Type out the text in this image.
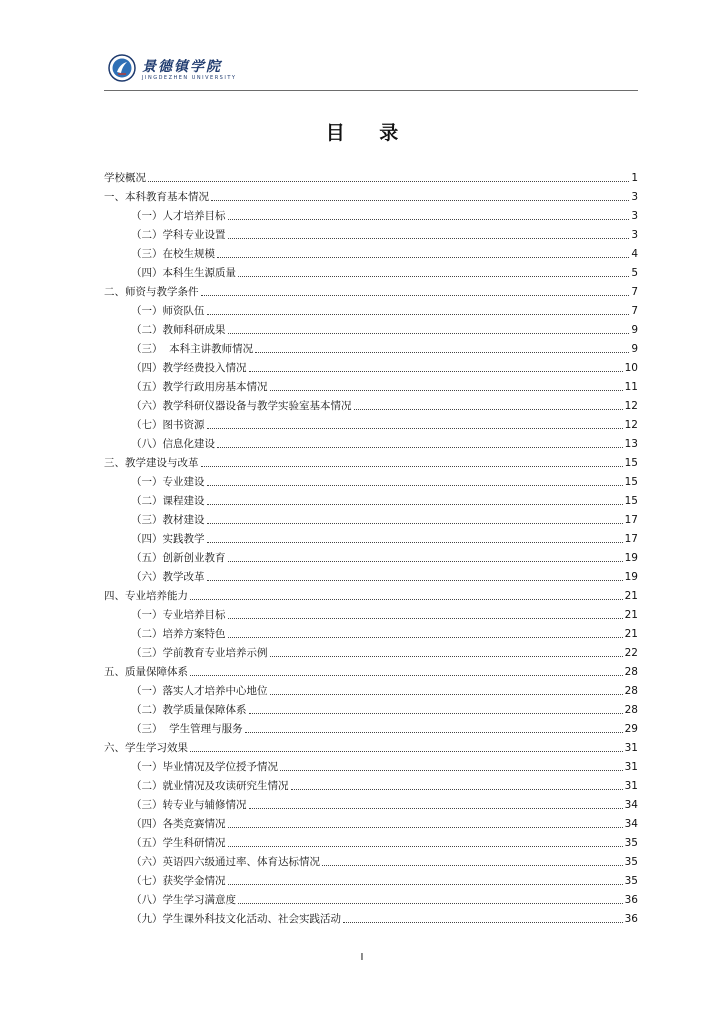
景德镇学院
JINGDEZHEN UNIVERSITY
目 录
学校概况	1
一、本科教育基本情况	3
（一）人才培养目标	3
（二）学科专业设置	3
（三）在校生规模	4
（四）本科生生源质量	5
二、师资与教学条件	7
（一）师资队伍	7
（二）教师科研成果	9
（三）  本科主讲教师情况	9
（四）教学经费投入情况	10
（五）教学行政用房基本情况	11
（六）教学科研仪器设备与教学实验室基本情况	12
（七）图书资源	12
（八）信息化建设	13
三、教学建设与改革	15
（一）专业建设	15
（二）课程建设	15
（三）教材建设	17
（四）实践教学	17
（五）创新创业教育	19
（六）教学改革	19
四、专业培养能力	21
（一）专业培养目标	21
（二）培养方案特色	21
（三）学前教育专业培养示例	22
五、质量保障体系	28
（一）落实人才培养中心地位	28
（二）教学质量保障体系	28
（三）  学生管理与服务	29
六、学生学习效果	31
（一）毕业情况及学位授予情况	31
（二）就业情况及攻读研究生情况	31
（三）转专业与辅修情况	34
（四）各类竞赛情况	34
（五）学生科研情况	35
（六）英语四六级通过率、体育达标情况	35
（七）获奖学金情况	35
（八）学生学习满意度	36
（九）学生课外科技文化活动、社会实践活动	36
I
